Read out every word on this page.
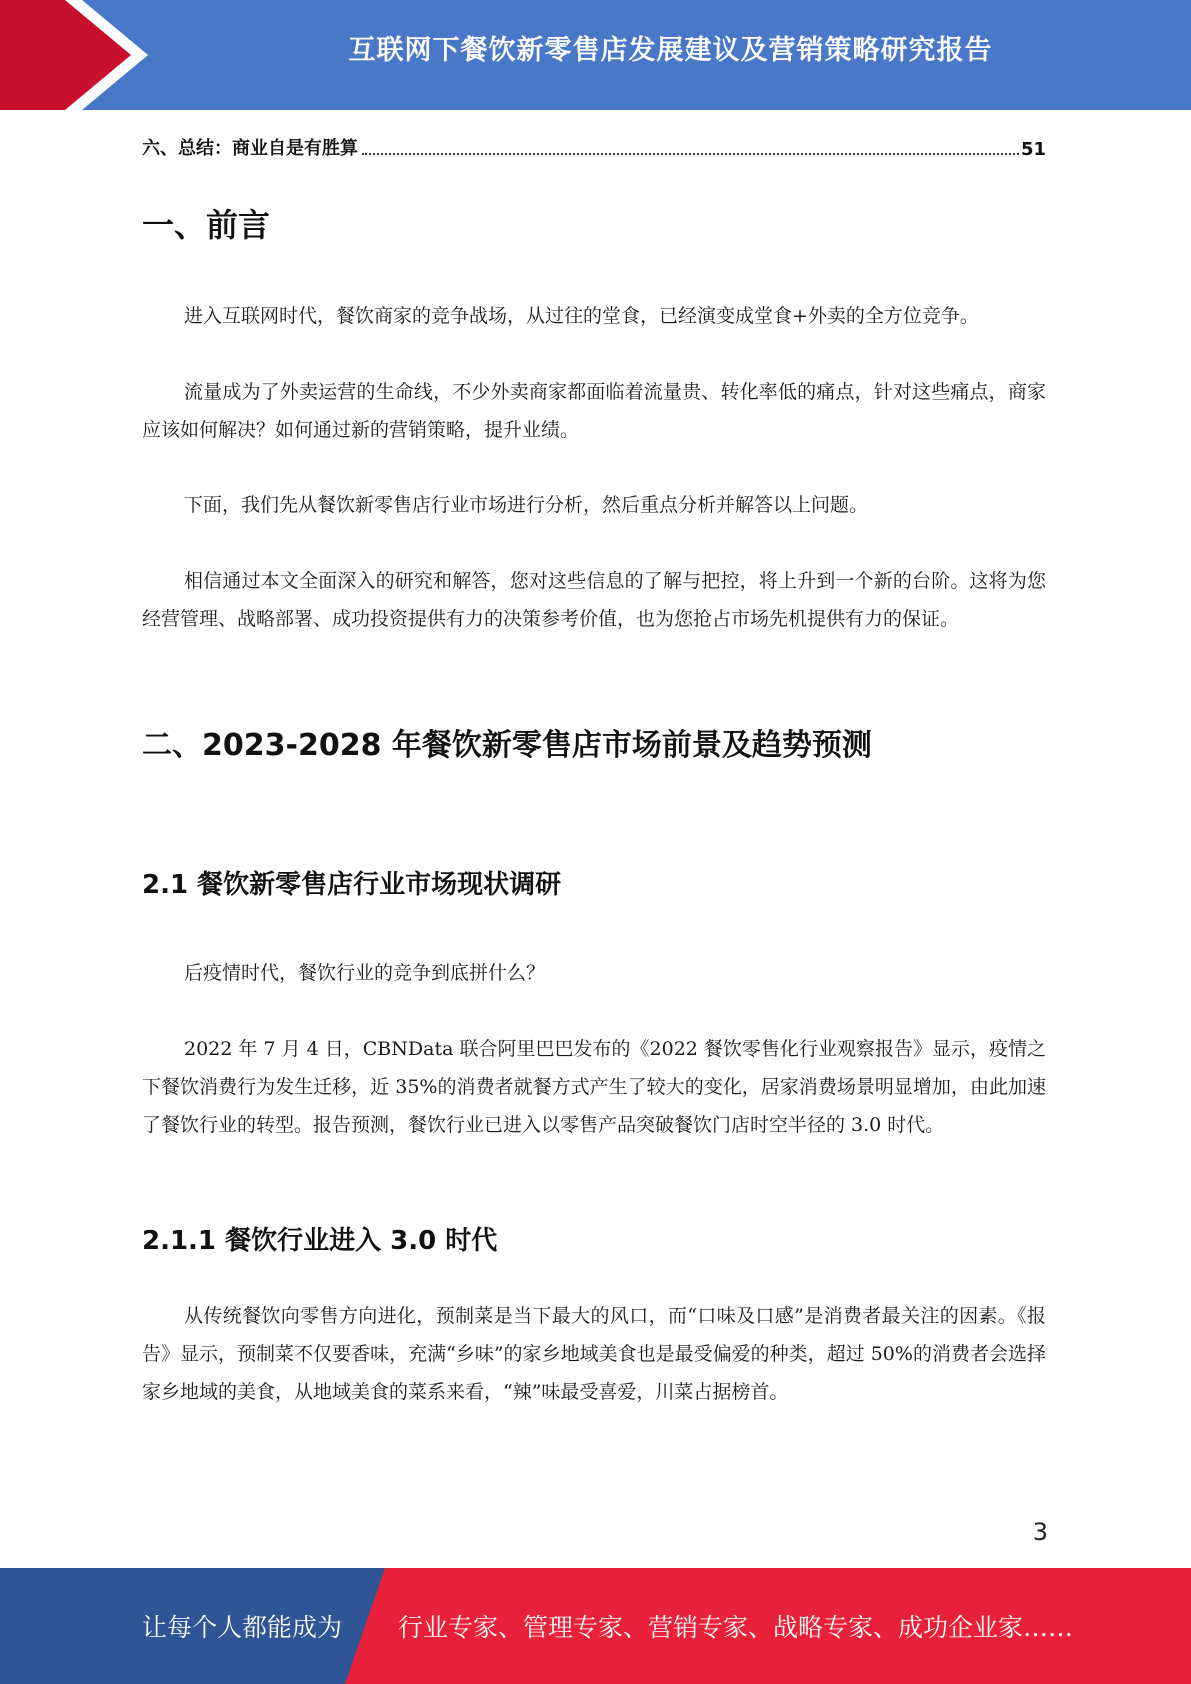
互联网下餐饮新零售店发展建议及营销策略研究报告
六、总结：商业自是有胜算	51
一、前言
进入互联网时代，餐饮商家的竞争战场，从过往的堂食，已经演变成堂食+外卖的全方位竞争。
流量成为了外卖运营的生命线，不少外卖商家都面临着流量贵、转化率低的痛点，针对这些痛点，商家应该如何解决？如何通过新的营销策略，提升业绩。
下面，我们先从餐饮新零售店行业市场进行分析，然后重点分析并解答以上问题。
相信通过本文全面深入的研究和解答，您对这些信息的了解与把控，将上升到一个新的台阶。这将为您经营管理、战略部署、成功投资提供有力的决策参考价值，也为您抢占市场先机提供有力的保证。
二、2023-2028 年餐饮新零售店市场前景及趋势预测
2.1 餐饮新零售店行业市场现状调研
后疫情时代，餐饮行业的竞争到底拼什么？
2022 年 7 月 4 日，CBNData 联合阿里巴巴发布的《2022 餐饮零售化行业观察报告》显示，疫情之下餐饮消费行为发生迁移，近 35%的消费者就餐方式产生了较大的变化，居家消费场景明显增加，由此加速了餐饮行业的转型。报告预测，餐饮行业已进入以零售产品突破餐饮门店时空半径的 3.0 时代。
2.1.1 餐饮行业进入 3.0 时代
从传统餐饮向零售方向进化，预制菜是当下最大的风口，而“口味及口感”是消费者最关注的因素。《报告》显示，预制菜不仅要香味，充满“乡味”的家乡地域美食也是最受偏爱的种类，超过 50%的消费者会选择家乡地域的美食，从地域美食的菜系来看，“辣”味最受喜爱，川菜占据榜首。
3
让每个人都能成为 行业专家、管理专家、营销专家、战略专家、成功企业家……
